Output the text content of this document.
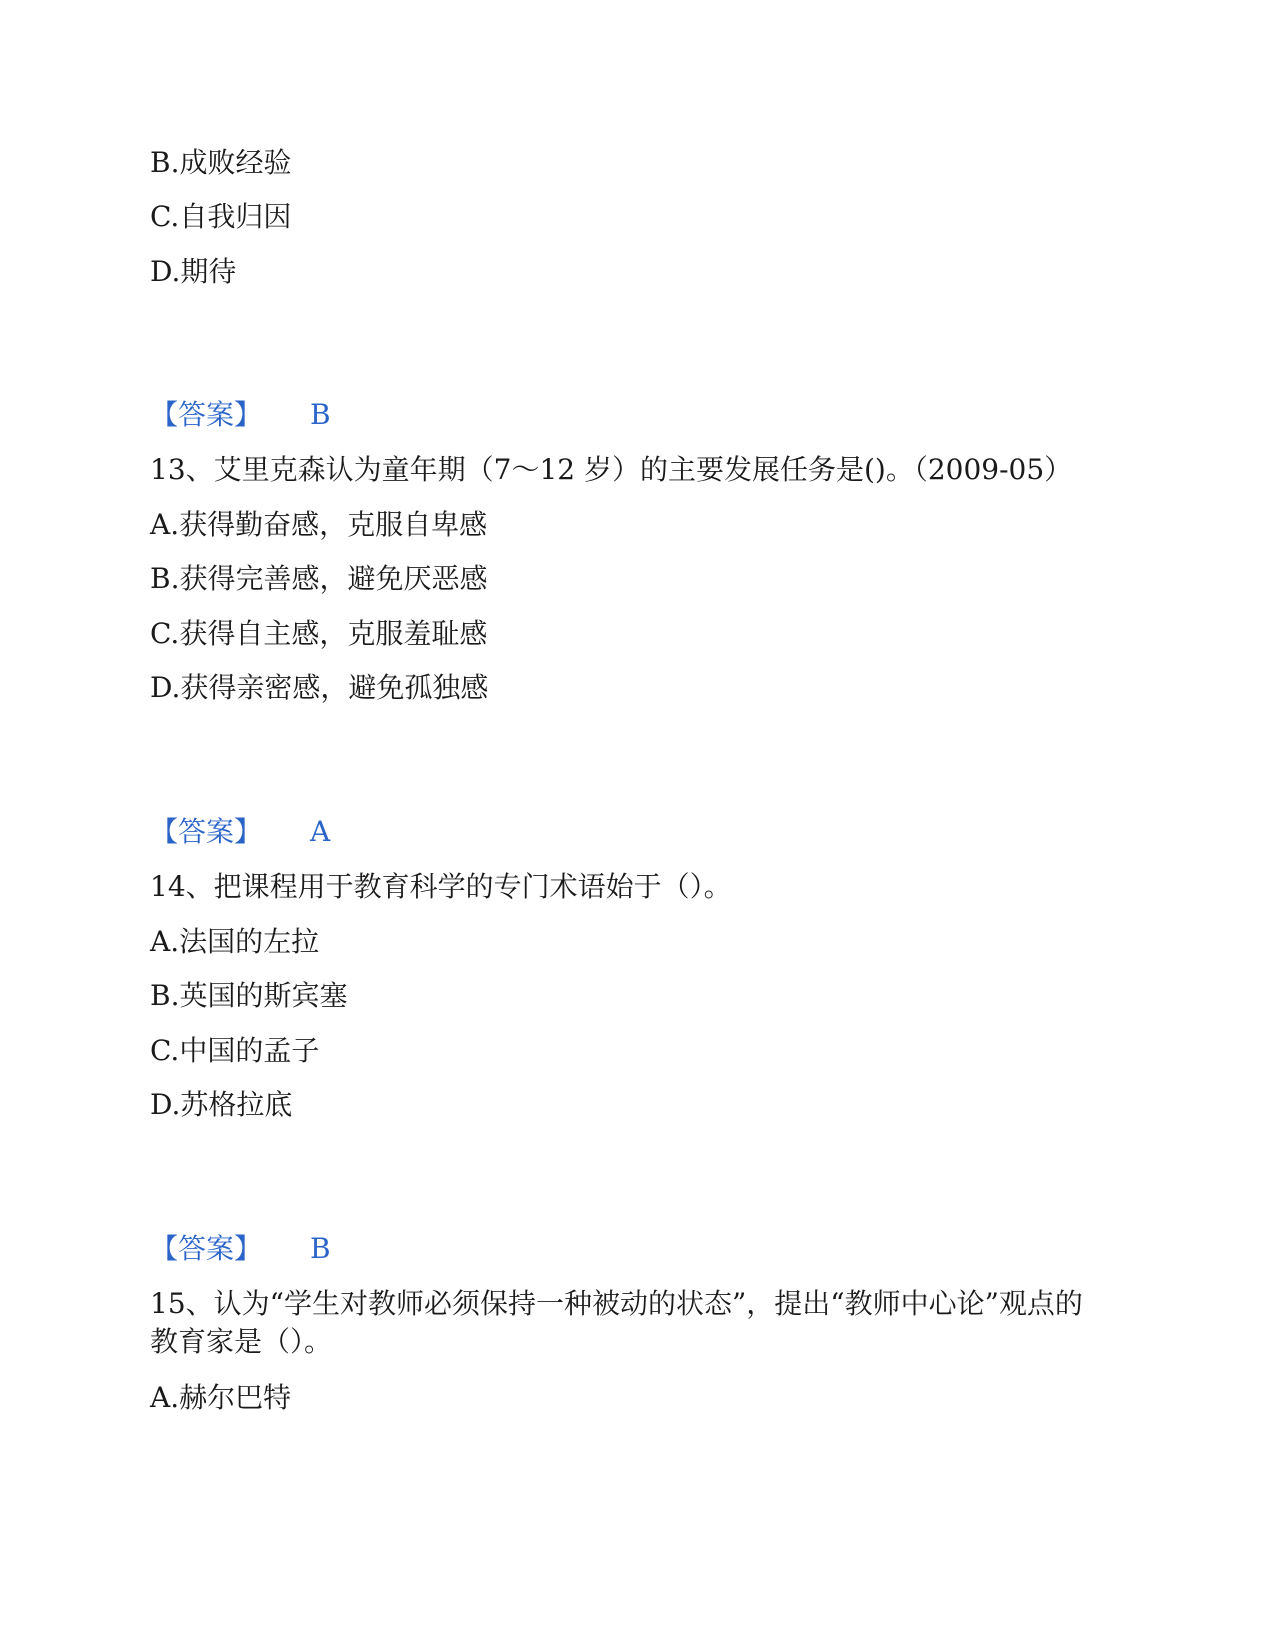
B.成败经验
C.自我归因
D.期待
【答案】 B
13、艾里克森认为童年期（7～12 岁）的主要发展任务是()。（2009-05）
A.获得勤奋感，克服自卑感
B.获得完善感，避免厌恶感
C.获得自主感，克服羞耻感
D.获得亲密感，避免孤独感
【答案】 A
14、把课程用于教育科学的专门术语始于（）。
A.法国的左拉
B.英国的斯宾塞
C.中国的孟子
D.苏格拉底
【答案】 B
15、认为“学生对教师必须保持一种被动的状态”，提出“教师中心论”观点的
教育家是（）。
A.赫尔巴特
